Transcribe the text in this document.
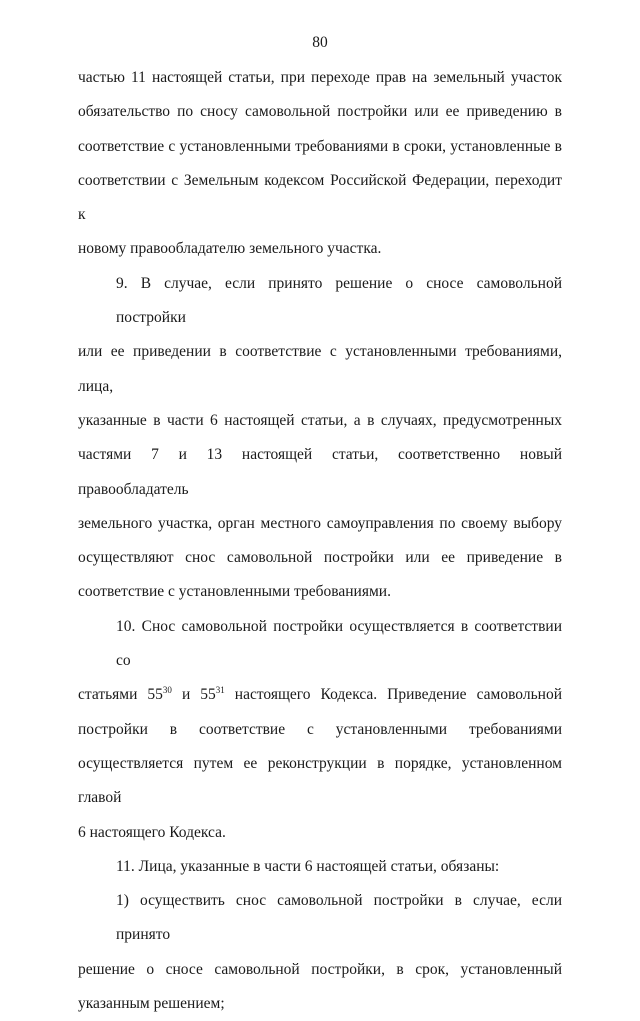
80

частью 11 настоящей статьи, при переходе прав на земельный участок
обязательство по сносу самовольной постройки или ее приведению в
соответствие с установленными требованиями в сроки, установленные в
соответствии с Земельным кодексом Российской Федерации, переходит к
новому правообладателю земельного участка.

9. В случае, если принято решение о сносе самовольной постройки
или ее приведении в соответствие с установленными требованиями, лица,
указанные в части 6 настоящей статьи, а в случаях, предусмотренных
частями 7 и 13 настоящей статьи, соответственно новый правообладатель
земельного участка, орган местного самоуправления по своему выбору
осуществляют снос самовольной постройки или ее приведение в
соответствие с установленными требованиями.

10. Снос самовольной постройки осуществляется в соответствии со
статьями $55^{30}$ и $55^{31}$ настоящего Кодекса. Приведение самовольной
постройки в соответствие с установленными требованиями
осуществляется путем ее реконструкции в порядке, установленном главой
6 настоящего Кодекса.

11. Лица, указанные в части 6 настоящей статьи, обязаны:

1) осуществить снос самовольной постройки в случае, если принято
решение о сносе самовольной постройки, в срок, установленный
указанным решением;
